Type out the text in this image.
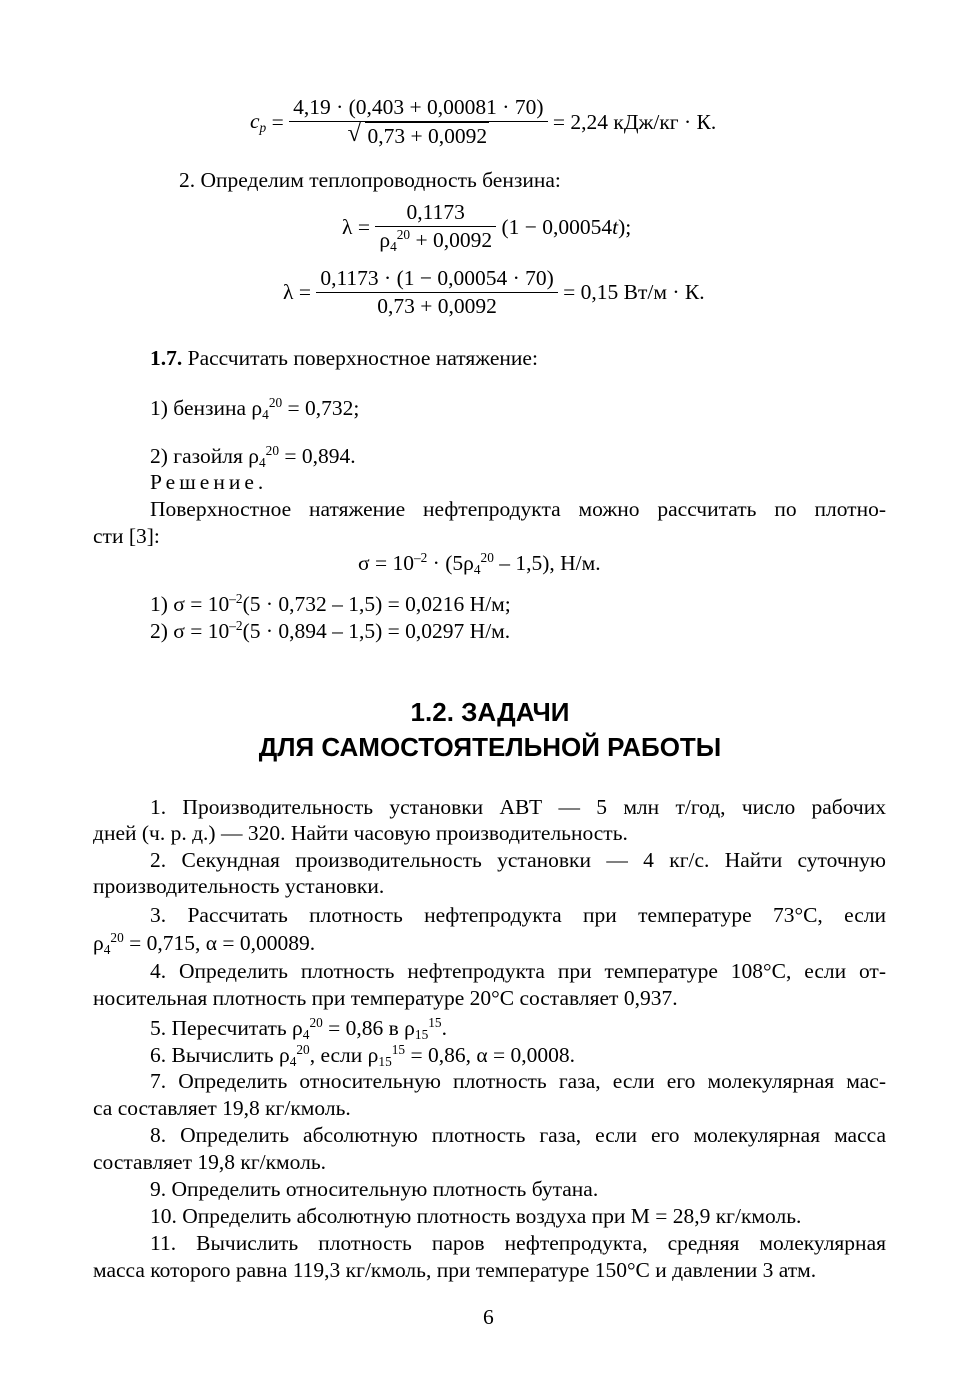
$c_p = \frac{4,19 \cdot (0,403 + 0,00081 \cdot 70)}{√ 0,73 + 0,0092} = 2,24$ кДж/кг · К.
2. Определим теплопроводность бензина:
$\lambda = \frac{0,1173}{\rho_4^{20} + 0,0092} (1 - 0,00054t)$;
$\lambda = \frac{0,1173 \cdot (1 - 0,00054 \cdot 70)}{0,73 + 0,0092} = 0,15$ Вт/м · К.
1.7. Рассчитать поверхностное натяжение:
1) бензина $\rho_4^{20} = 0,732$;
2) газойля $\rho_4^{20} = 0,894$.
Решение.
Поверхностное натяжение нефтепродукта можно рассчитать по плотно-
сти [3]:
$\sigma = 10^{-2} \cdot (5\rho_4^{20} - 1,5)$, Н/м.
1) $\sigma = 10^{-2}(5 \cdot 0,732 - 1,5) = 0,0216$ Н/м;
2) $\sigma = 10^{-2}(5 \cdot 0,894 - 1,5) = 0,0297$ Н/м.
1.2. ЗАДАЧИ
ДЛЯ САМОСТОЯТЕЛЬНОЙ РАБОТЫ
1. Производительность установки АВТ — 5 млн т/год, число рабочих
дней (ч. р. д.) — 320. Найти часовую производительность.
2. Секундная производительность установки — 4 кг/с. Найти суточную
производительность установки.
3. Рассчитать плотность нефтепродукта при температуре 73°C, если
$\rho_4^{20} = 0,715$, α = 0,00089.
4. Определить плотность нефтепродукта при температуре 108°C, если от-
носительная плотность при температуре 20°C составляет 0,937.
5. Пересчитать $\rho_4^{20} = 0,86$ в $\rho_{15}^{15}$.
6. Вычислить $\rho_4^{20}$, если $\rho_{15}^{15} = 0,86$, α = 0,0008.
7. Определить относительную плотность газа, если его молекулярная мас-
са составляет 19,8 кг/кмоль.
8. Определить абсолютную плотность газа, если его молекулярная масса
составляет 19,8 кг/кмоль.
9. Определить относительную плотность бутана.
10. Определить абсолютную плотность воздуха при М = 28,9 кг/кмоль.
11. Вычислить плотность паров нефтепродукта, средняя молекулярная
масса которого равна 119,3 кг/кмоль, при температуре 150°C и давлении 3 атм.
6
